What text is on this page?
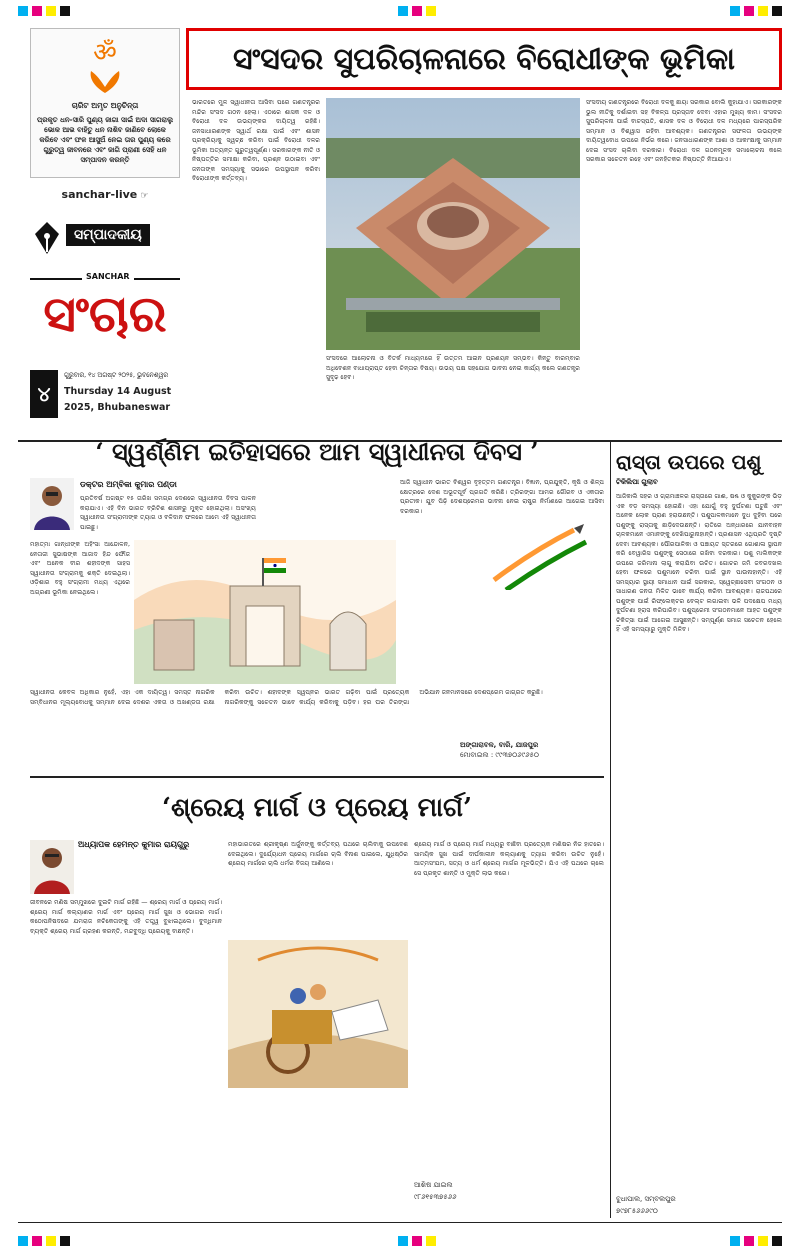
ॐ
ଚାରିଟ ଅମୃତ ଅନୁଚିନ୍ତା
ପ୍ରକୃତ ଧନ-ସାରି ପୁଣ୍ୟ ଜାଗା ସାଇଁ ଅଦା ସାଗରାଲୁ ଭୋକ ଆଭ ବାହିତୁ ଧନ ନାଶିବ ଜାଣିବେ ଲୋକେ କରିବେ ଏବଂ ଫଳ ଆସୁଅଁ ନେଇ ତାର ପୁଣ୍ୟ କରେ ଗୁରୁତ୍ୱ ଜୀବନରେ ଏବଂ ଜାଗି ପ୍ରାଣୀ ସେହି ଧନ ସମ୍ପାଦନ କରନ୍ତି
sanchar-live ☞
ସମ୍ପାଦକୀୟ
SANCHAR
ସଂଚାର
୪
ଗୁରୁବାର, ୧୪ ଅଗଷ୍ଟ ୨୦୨୫, ଭୁବନେଶ୍ୱର
Thursday 14 August 2025, Bhubaneswar
ସଂସଦର ସୁପରିଚାଳନାରେ ବିରୋଧୀଙ୍କ ଭୂମିକା
ଭାରତରେ ମୁଳ ସ୍ୱାଧୀନତା ଆସିବା ପରେ ଗଣତନ୍ତ୍ରର ମନ୍ଦିର ସଂସଦ ଗଠନ ହେଲା। ଏଠାରେ ଶାସକ ଦଳ ଓ ବିରୋଧୀ ଦଳ ଉଭୟଙ୍କର ଦାୟିତ୍ୱ ରହିଛି। ଜନସାଧାରଣଙ୍କ ସ୍ୱାର୍ଥ ରକ୍ଷା ପାଇଁ ଏବଂ ଶାସନ ପ୍ରକ୍ରିୟାକୁ ସ୍ୱଚ୍ଛ କରିବା ପାଇଁ ବିରୋଧୀ ଦଳର ଭୂମିକା ଅତ୍ୟନ୍ତ ଗୁରୁତ୍ୱପୂର୍ଣ୍ଣ। ସରକାରଙ୍କ ନୀତି ଓ ନିଷ୍ପତ୍ତିର ସମୀକ୍ଷା କରିବା, ପ୍ରଶ୍ନ ଉଠାଇବା ଏବଂ ଜନତାଙ୍କ ସମସ୍ୟାକୁ ସଭାରେ ଉପସ୍ଥାପନ କରିବା ବିରୋଧୀଙ୍କ କର୍ତ୍ତବ୍ୟ।
ସଂସଦରେ ଆଲୋଚନା ଓ ବିତର୍କ ମାଧ୍ୟମରେ ହିଁ ଉତ୍ତମ ଆଇନ ପ୍ରଣୟନ ସମ୍ଭବ। କିନ୍ତୁ ବାରମ୍ବାର ଅଧିବେଶନ ବାଧାପ୍ରାପ୍ତ ହେବା ଚିନ୍ତାର ବିଷୟ। ଉଭୟ ପକ୍ଷ ସହଯୋଗ ଭାବନା ନେଇ କାର୍ଯ୍ୟ କଲେ ଗଣତନ୍ତ୍ର ସୁଦୃଢ ହେବ।
ସଂସଦୀୟ ଗଣତନ୍ତ୍ରରେ ବିରୋଧୀ ଦଳକୁ ଛାୟା ସରକାର ବୋଲି କୁହାଯାଏ। ସରକାରଙ୍କ ଭୁଲ ନୀତିକୁ ଦର୍ଶାଇବା ସହ ବିକଳ୍ପ ପ୍ରସ୍ତାବ ଦେବା ଏହାର ମୁଖ୍ୟ କାମ। ସଂସଦର ସୁପରିଚାଳନା ପାଇଁ ବାଚସ୍ପତି, ଶାସକ ଦଳ ଓ ବିରୋଧୀ ଦଳ ମଧ୍ୟରେ ପାରସ୍ପରିକ ସମ୍ମାନ ଓ ବିଶ୍ୱାସ ରହିବା ଆବଶ୍ୟକ। ଗଣତନ୍ତ୍ରର ସଫଳତା ଉଭୟଙ୍କ ଦାୟିତ୍ୱବୋଧ ଉପରେ ନିର୍ଭର କରେ। ଜନସାଧାରଣଙ୍କ ଆଶା ଓ ଆକାଂକ୍ଷାକୁ ସମ୍ମାନ ଦେଇ ସଂସଦ ଚାଲିବା ଦରକାର। ବିରୋଧୀ ଦଳ ଗଠନମୂଳକ ସମାଲୋଚନା କଲେ ସରକାର ସଚେତନ ରହେ ଏବଂ ଜନହିତକର ନିଷ୍ପତ୍ତି ନିଆଯାଏ।
‘ ସ୍ୱର୍ଣ୍ଣିମ ଇତିହାସରେ ଆମ ସ୍ୱାଧୀନତା ଦିବସ ’
ଡକ୍ଟର ଅମ୍ବିକା କୁମାର ପଣ୍ଡା
ପ୍ରତିବର୍ଷ ଅଗଷ୍ଟ ୧୫ ତାରିଖ ସମଗ୍ର ଦେଶରେ ସ୍ୱାଧୀନତା ଦିବସ ପାଳନ କରାଯାଏ। ଏହି ଦିନ ଭାରତ ବ୍ରିଟିଶ ଶାସନରୁ ମୁକ୍ତ ହୋଇଥିଲା। ଅସଂଖ୍ୟ ସ୍ୱାଧୀନତା ସଂଗ୍ରାମୀଙ୍କ ତ୍ୟାଗ ଓ ବଳିଦାନ ଫଳରେ ଆମେ ଏହି ସ୍ୱାଧୀନତା ପାଇଛୁ।
ମହାତ୍ମା ଗାନ୍ଧୀଙ୍କ ଅହିଂସା ଆନ୍ଦୋଳନ, ନେତାଜୀ ସୁଭାଷଙ୍କ ଆଜାଦ ହିନ୍ଦ ଫୌଜ ଏବଂ ଅନେକ ବୀର ଶହୀଦଙ୍କ ସାହସ ସ୍ୱାଧୀନତା ସଂଗ୍ରାମକୁ ଶକ୍ତି ଦେଇଥିଲା। ଓଡ଼ିଶାର ବହୁ ସଂଗ୍ରାମୀ ମଧ୍ୟ ଏଥିରେ ଅଗ୍ରଣୀ ଭୂମିକା ନେଇଥିଲେ।
ଆଜି ସ୍ୱାଧୀନ ଭାରତ ବିଶ୍ୱର ବୃହତ୍ତମ ଗଣତନ୍ତ୍ର। ବିଜ୍ଞାନ, ପ୍ରଯୁକ୍ତି, କୃଷି ଓ ଶିଳ୍ପ କ୍ଷେତ୍ରରେ ଦେଶ ଅଭୂତପୂର୍ବ ପ୍ରଗତି କରିଛି। ତ୍ରିରଙ୍ଗା ଆମର ଗୌରବ ଓ ଏକତାର ପ୍ରତୀକ। ଯୁବ ପିଢ଼ି ଦେଶପ୍ରେମର ଭାବନା ନେଇ ରାଷ୍ଟ୍ର ନିର୍ମାଣରେ ଆଗେଇ ଆସିବା ଦରକାର।
ସ୍ୱାଧୀନତା କେବଳ ଅଧିକାର ନୁହେଁ, ଏହା ଏକ ଦାୟିତ୍ୱ। ସମସ୍ତ ନାଗରିକ ସମ୍ବିଧାନର ମୂଲ୍ୟବୋଧକୁ ସମ୍ମାନ ଦେଇ ଦେଶର ଏକତା ଓ ଅଖଣ୍ଡତା ରକ୍ଷା କରିବା ଉଚିତ। ଶହୀଦଙ୍କ ସ୍ୱପ୍ନର ଭାରତ ଗଢ଼ିବା ପାଇଁ ପ୍ରତ୍ୟେକ ନାଗରିକଙ୍କୁ ସଚେତନ ଭାବେ କାର୍ଯ୍ୟ କରିବାକୁ ପଡ଼ିବ। ହର ଘର ତିରଙ୍ଗା ଅଭିଯାନ ଜନମାନସରେ ଦେଶପ୍ରେମ ଜାଗ୍ରତ କରୁଛି।
ଅଙ୍ଗାରାବଳ, ବାରି, ଯାଜପୁର
ମୋବାଇଲ : ୯୯୩୭୦୬୯୬୫୦
‘ଶ୍ରେୟ ମାର୍ଗ ଓ ପ୍ରେୟ ମାର୍ଗ’
ଅଧ୍ୟାପକ ହେମନ୍ତ କୁମାର ରାୟଗୁରୁ
ଜୀବନରେ ମଣିଷ ସମ୍ମୁଖରେ ଦୁଇଟି ମାର୍ଗ ରହିଛି — ଶ୍ରେୟ ମାର୍ଗ ଓ ପ୍ରେୟ ମାର୍ଗ। ଶ୍ରେୟ ମାର୍ଗ କଲ୍ୟାଣର ମାର୍ଗ ଏବଂ ପ୍ରେୟ ମାର୍ଗ ସୁଖ ଓ ଭୋଗର ମାର୍ଗ। କଠୋପନିଷଦରେ ଯମରାଜ ନଚିକେତାଙ୍କୁ ଏହି ତତ୍ତ୍ୱ ବୁଝାଇଥିଲେ। ବୁଦ୍ଧିମାନ ବ୍ୟକ୍ତି ଶ୍ରେୟ ମାର୍ଗ ଗ୍ରହଣ କରନ୍ତି, ମନ୍ଦବୁଦ୍ଧି ପ୍ରେୟକୁ ବାଛନ୍ତି।
ମହାଭାରତରେ ଶ୍ରୀକୃଷ୍ଣ ଅର୍ଜୁନଙ୍କୁ କର୍ତ୍ତବ୍ୟ ପଥରେ ଚାଲିବାକୁ ଉପଦେଶ ଦେଇଥିଲେ। ଦୁର୍ଯ୍ୟୋଧନ ପ୍ରେୟ ମାର୍ଗରେ ଚାଲି ବିନାଶ ପାଇଲେ, ଯୁଧିଷ୍ଠିର ଶ୍ରେୟ ମାର୍ଗରେ ଚାଲି ଧର୍ମର ବିଜୟ ଆଣିଲେ।
ଶ୍ରେୟ ମାର୍ଗ ଓ ପ୍ରେୟ ମାର୍ଗ ମଧ୍ୟରୁ ବାଛିବା ପ୍ରତ୍ୟେକ ମଣିଷର ନିଜ ହାତରେ। ସାମୟିକ ସୁଖ ପାଇଁ ଦୀର୍ଘକାଳୀନ କଲ୍ୟାଣକୁ ତ୍ୟାଗ କରିବା ଉଚିତ ନୁହେଁ। ଆତ୍ମସଂଯମ, ସତ୍ୟ ଓ ଧର୍ମ ଶ୍ରେୟ ମାର୍ଗର ମୂଳଭିତ୍ତି। ଯିଏ ଏହି ପଥରେ ଚାଲେ ସେ ପ୍ରକୃତ ଶାନ୍ତି ଓ ମୁକ୍ତି ଲାଭ କରେ।
ଆଶିଷ ଯାଇଲ
୯୮୬୧୫୩୭୫୬୬
ରାସ୍ତା ଉପରେ ପଶୁ
ଟିକିଲିପା ଗୁଲାବ
ଆଜିକାଲି ସହର ଓ ଗ୍ରାମାଞ୍ଚଳର ରାସ୍ତାରେ ଗାଈ, ଷଣ୍ଢ ଓ କୁକୁରଙ୍କ ଭିଡ଼ ଏକ ବଡ଼ ସମସ୍ୟା ହୋଇଛି। ଏହା ଯୋଗୁଁ ବହୁ ଦୁର୍ଘଟଣା ଘଟୁଛି ଏବଂ ଅନେକ ଲୋକ ପ୍ରାଣ ହରାଉଛନ୍ତି। ପଶୁପାଳକମାନେ ଦୁଧ ଦୁହିବା ପରେ ପଶୁଙ୍କୁ ରାସ୍ତାକୁ ଛାଡ଼ିଦେଉଛନ୍ତି। ରାତିରେ ଅନ୍ଧାରରେ ଯାନବାହନ ଚାଳକମାନେ ଏମାନଙ୍କୁ ଦେଖିପାରୁନାହାନ୍ତି। ପ୍ରଶାସନ ଏଥିପ୍ରତି ଦୃଷ୍ଟି ଦେବା ଆବଶ୍ୟକ। ପୌରପାଳିକା ଓ ପଞ୍ଚାୟତ ସ୍ତରରେ ଗୋଶାଳା ସ୍ଥାପନ କରି ବେୱାରିସ ପଶୁଙ୍କୁ ସେଠାରେ ରଖିବା ଦରକାର। ପଶୁ ମାଲିକଙ୍କ ଉପରେ ଜରିମାନା ଲାଗୁ କରାଯିବା ଉଚିତ। ଗୋଚର ଜମି ଜବରଦଖଲ ହେବା ଫଳରେ ପଶୁମାନେ ଚରିବା ପାଇଁ ସ୍ଥାନ ପାଉନାହାନ୍ତି। ଏହି ସମସ୍ୟାର ସ୍ଥାୟୀ ସମାଧାନ ପାଇଁ ସରକାର, ସ୍ୱେଚ୍ଛାସେବୀ ସଂଗଠନ ଓ ସାଧାରଣ ଜନତା ମିଳିତ ଭାବେ କାର୍ଯ୍ୟ କରିବା ଆବଶ୍ୟକ। ରାଜପଥରେ ପଶୁଙ୍କ ପାଇଁ ରିଫ୍ଲେକ୍ଟର ବେଲ୍ଟ ଲଗାଇବା ଭଳି ପଦକ୍ଷେପ ମଧ୍ୟ ଦୁର୍ଘଟଣା ହ୍ରାସ କରିପାରିବ। ପଶୁପ୍ରେମୀ ସଂଗଠନମାନେ ଆହତ ପଶୁଙ୍କ ଚିକିତ୍ସା ପାଇଁ ଆଗେଇ ଆସୁଛନ୍ତି। ସମ୍ପୂର୍ଣ୍ଣ ସମାଜ ସଚେତନ ହେଲେ ହିଁ ଏହି ସମସ୍ୟାରୁ ମୁକ୍ତି ମିଳିବ।
ବୁଧାପାଲ, ସମ୍ବଲପୁର
୭୯୭୮୫୬୬୬୯୦
